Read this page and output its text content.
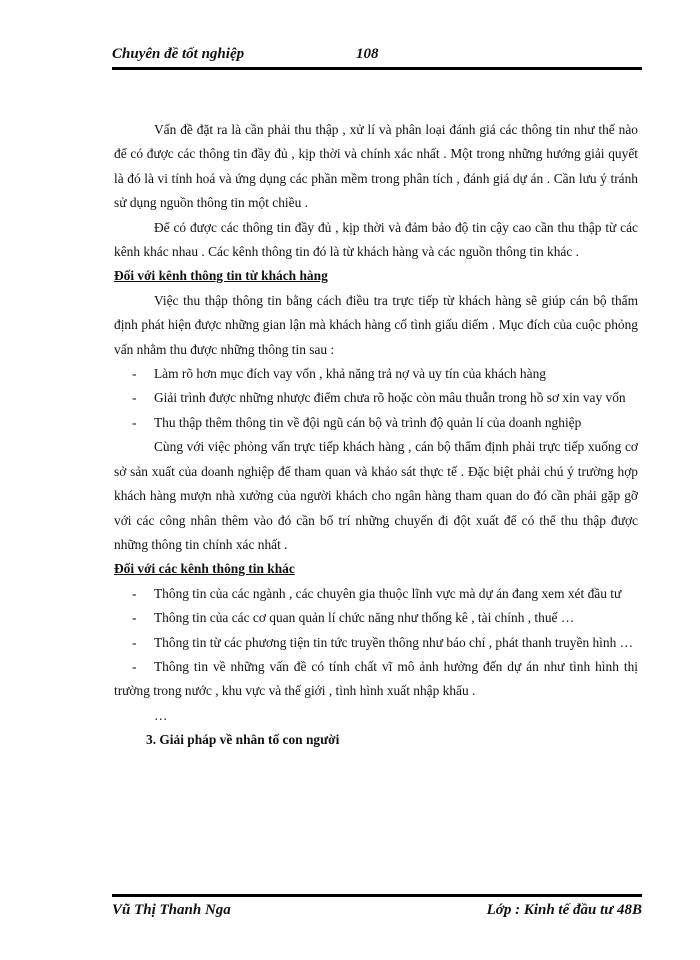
Chuyên đề tốt nghiệp	108

Vấn đề đặt ra là cần phải thu thập , xử lí và phân loại đánh giá các thông tin như thế nào để có được các thông tin đầy đủ , kịp thời và chính xác nhất . Một trong những hướng giải quyết là đó là vi tính hoá và ứng dụng các phần mềm trong phân tích , đánh giá dự án . Cần lưu ý tránh sử dụng nguồn thông tin một chiều .

Để có được các thông tin đầy đủ , kịp thời và đảm bảo độ tin cậy cao cần thu thập từ các kênh khác nhau . Các kênh thông tin đó là từ khách hàng và các nguồn thông tin khác .

Đối với kênh thông tin từ khách hàng

Việc thu thập thông tin bằng cách điều tra trực tiếp từ khách hàng sẽ giúp cán bộ thẩm định phát hiện được những gian lận mà khách hàng cố tình giấu diếm . Mục đích của cuộc phỏng vấn nhằm thu được những thông tin sau :

- Làm rõ hơn mục đích vay vốn , khả năng trả nợ và uy tín của khách hàng

- Giải trình được những nhược điểm chưa rõ hoặc còn mâu thuẫn trong hồ sơ xin vay vốn

- Thu thập thêm thông tin về đội ngũ cán bộ và trình độ quản lí của doanh nghiệp

Cùng với việc phỏng vấn trực tiếp khách hàng , cán bộ thẩm định phải trực tiếp xuống cơ sở sản xuất của doanh nghiệp để tham quan và khảo sát thực tế . Đặc biệt phải chú ý trường hợp khách hàng mượn nhà xưởng của người khách cho ngân hàng tham quan do đó cần phải gặp gỡ với các công nhân thêm vào đó cần bố trí những chuyến đi đột xuất để có thể thu thập được những thông tin chính xác nhất .

Đối với các kênh thông tin khác

- Thông tin của các ngành , các chuyên gia thuộc lĩnh vực mà dự án đang xem xét đầu tư

- Thông tin của các cơ quan quản lí chức năng như thống kê , tài chính , thuế …

- Thông tin từ các phương tiện tin tức truyền thông như báo chí , phát thanh truyền hình …

- Thông tin về những vấn đề có tính chất vĩ mô ảnh hưởng đến dự án như tình hình thị trường trong nước , khu vực và thế giới , tình hình xuất nhập khẩu .

…

3. Giải pháp về nhân tố con người

Vũ Thị Thanh Nga	Lớp : Kinh tế đầu tư 48B
